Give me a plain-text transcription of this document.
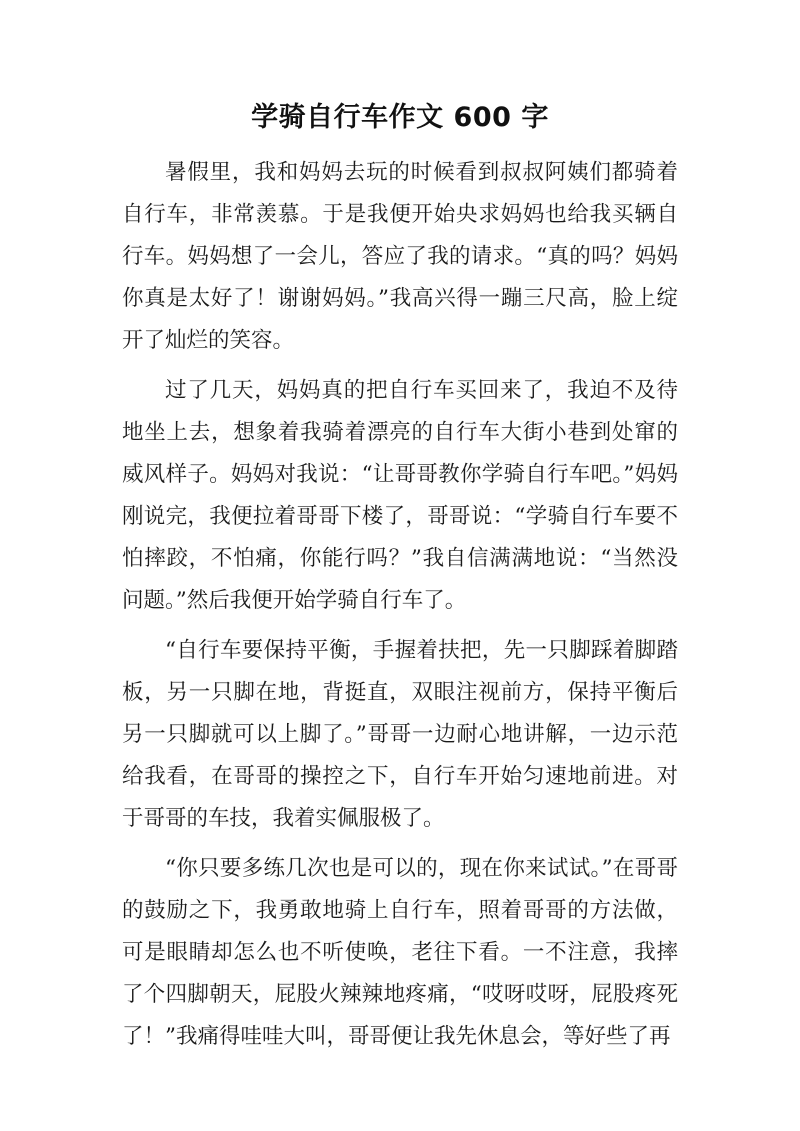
学骑自行车作文 600 字

暑假里，我和妈妈去玩的时候看到叔叔阿姨们都骑着自行车，非常羡慕。于是我便开始央求妈妈也给我买辆自行车。妈妈想了一会儿，答应了我的请求。“真的吗？妈妈你真是太好了！谢谢妈妈。”我高兴得一蹦三尺高，脸上绽开了灿烂的笑容。

过了几天，妈妈真的把自行车买回来了，我迫不及待地坐上去，想象着我骑着漂亮的自行车大街小巷到处窜的威风样子。妈妈对我说：“让哥哥教你学骑自行车吧。”妈妈刚说完，我便拉着哥哥下楼了，哥哥说：“学骑自行车要不怕摔跤，不怕痛，你能行吗？”我自信满满地说：“当然没问题。”然后我便开始学骑自行车了。

“自行车要保持平衡，手握着扶把，先一只脚踩着脚踏板，另一只脚在地，背挺直，双眼注视前方，保持平衡后另一只脚就可以上脚了。”哥哥一边耐心地讲解，一边示范给我看，在哥哥的操控之下，自行车开始匀速地前进。对于哥哥的车技，我着实佩服极了。

“你只要多练几次也是可以的，现在你来试试。”在哥哥的鼓励之下，我勇敢地骑上自行车，照着哥哥的方法做，可是眼睛却怎么也不听使唤，老往下看。一不注意，我摔了个四脚朝天，屁股火辣辣地疼痛，“哎呀哎呀，屁股疼死了！”我痛得哇哇大叫，哥哥便让我先休息会，等好些了再
